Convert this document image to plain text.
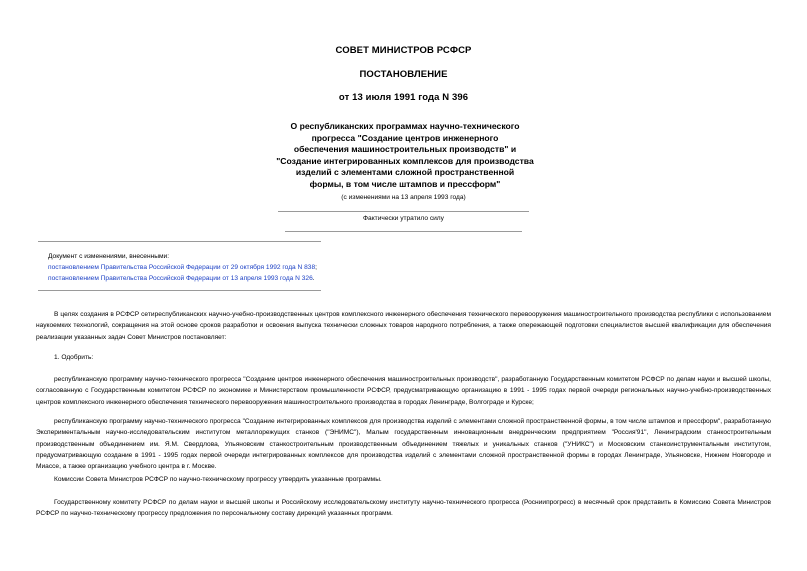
СОВЕТ МИНИСТРОВ РСФСР
ПОСТАНОВЛЕНИЕ
от 13 июля 1991 года N 396
О республиканских программах научно-технического
прогресса "Создание центров инженерного
обеспечения машиностроительных производств" и
"Создание интегрированных комплексов для производства
изделий с элементами сложной пространственной
формы, в том числе штампов и прессформ"
(с изменениями на 13 апреля 1993 года)
Фактически утратило силу
Документ с изменениями, внесенными:
постановлением Правительства Российской Федерации от 29 октября 1992 года N 838;
постановлением Правительства Российской Федерации от 13 апреля 1993 года N 326.
В целях создания в РСФСР сетиреспубликанских научно-учебно-производственных центров комплексного инженерного обеспечения технического перевооружения машиностроительного производства республики с использованием наукоемких технологий, сокращения на этой основе сроков разработки и освоения выпуска технически сложных товаров народного потребления, а также опережающей подготовки специалистов высшей квалификации для обеспечения реализации указанных задач Совет Министров постановляет:
1. Одобрить:
республиканскую программу научно-технического прогресса "Создание центров инженерного обеспечения машиностроительных производств", разработанную Государственным комитетом РСФСР по делам науки и высшей школы, согласованную с Государственным комитетом РСФСР по экономике и Министерством промышленности РСФСР, предусматривающую организацию в 1991 - 1995 годах первой очереди региональных научно-учебно-производственных центров комплексного инженерного обеспечения технического перевооружения машиностроительного производства в городах Ленинграде, Волгограде и Курске;
республиканскую программу научно-технического прогресса "Создание интегрированных комплексов для производства изделий с элементами сложной пространственной формы, в том числе штампов и прессформ", разработанную Экспериментальным научно-исследовательским институтом металлорежущих станков ("ЭНИМС"), Малым государственным инновационным внедренческим предприятием "Россия'91", Ленинградским станкостроительным производственным объединением им. Я.М. Свердлова, Ульяновским станкостроительным производственным объединением тяжелых и уникальных станков ("УНИКС") и Московским станкоинструментальным институтом, предусматривающую создание в 1991 - 1995 годах первой очереди интегрированных комплексов для производства изделий с элементами сложной пространственной формы в городах Ленинграде, Ульяновске, Нижнем Новгороде и Миассе, а также организацию учебного центра в г. Москве.
Комиссии Совета Министров РСФСР по научно-техническому прогрессу утвердить указанные программы.
Государственному комитету РСФСР по делам науки и высшей школы и Российскому исследовательскому институту научно-технического прогресса (Росниипрогресс) в месячный срок представить в Комиссию Совета Министров РСФСР по научно-техническому прогрессу предложения по персональному составу дирекций указанных программ.
